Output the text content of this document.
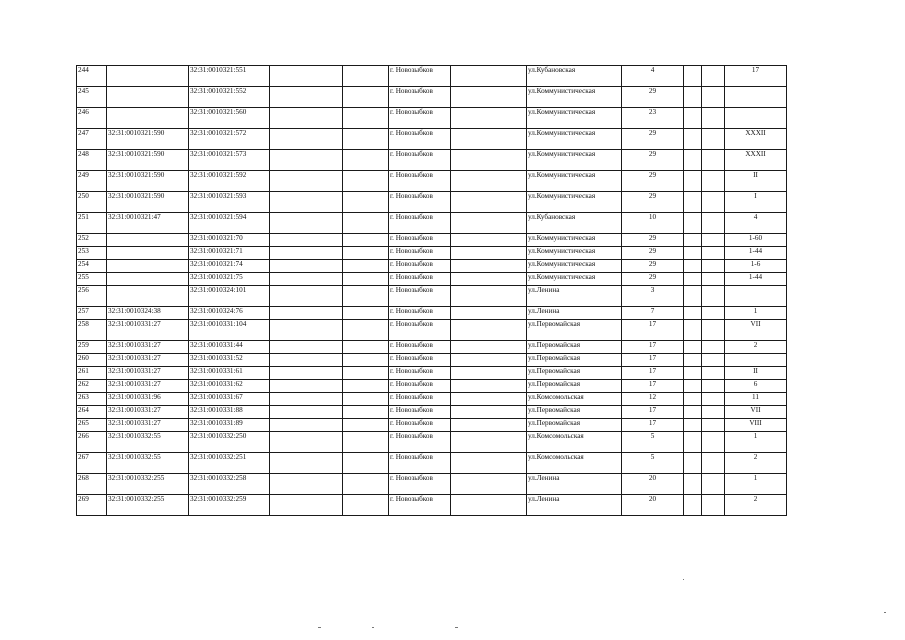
244		32:31:0010321:551			г. Новозыбков		ул.Кубановская	4			17
245		32:31:0010321:552			г. Новозыбков		ул.Коммунистическая	29			
246		32:31:0010321:560			г. Новозыбков		ул.Коммунистическая	23			
247	32:31:0010321:590	32:31:0010321:572			г. Новозыбков		ул.Коммунистическая	29			XXXII
248	32:31:0010321:590	32:31:0010321:573			г. Новозыбков		ул.Коммунистическая	29			XXXII
249	32:31:0010321:590	32:31:0010321:592			г. Новозыбков		ул.Коммунистическая	29			II
250	32:31:0010321:590	32:31:0010321:593			г. Новозыбков		ул.Коммунистическая	29			I
251	32:31:0010321:47	32:31:0010321:594			г. Новозыбков		ул.Кубановская	10			4
252		32:31:0010321:70			г. Новозыбков		ул.Коммунистическая	29			1-60
253		32:31:0010321:71			г. Новозыбков		ул.Коммунистическая	29			1-44
254		32:31:0010321:74			г. Новозыбков		ул.Коммунистическая	29			1-6
255		32:31:0010321:75			г. Новозыбков		ул.Коммунистическая	29			1-44
256		32:31:0010324:101			г. Новозыбков		ул.Ленина	3			
257	32:31:0010324:38	32:31:0010324:76			г. Новозыбков		ул.Ленина	7			1
258	32:31:0010331:27	32:31:0010331:104			г. Новозыбков		ул.Первомайская	17			VII
259	32:31:0010331:27	32:31:0010331:44			г. Новозыбков		ул.Первомайская	17			2
260	32:31:0010331:27	32:31:0010331:52			г. Новозыбков		ул.Первомайская	17			
261	32:31:0010331:27	32:31:0010331:61			г. Новозыбков		ул.Первомайская	17			II
262	32:31:0010331:27	32:31:0010331:62			г. Новозыбков		ул.Первомайская	17			6
263	32:31:0010331:96	32:31:0010331:67			г. Новозыбков		ул.Комсомольская	12			11
264	32:31:0010331:27	32:31:0010331:88			г. Новозыбков		ул.Первомайская	17			VII
265	32:31:0010331:27	32:31:0010331:89			г. Новозыбков		ул.Первомайская	17			VIII
266	32:31:0010332:55	32:31:0010332:250			г. Новозыбков		ул.Комсомольская	5			1
267	32:31:0010332:55	32:31:0010332:251			г. Новозыбков		ул.Комсомольская	5			2
268	32:31:0010332:255	32:31:0010332:258			г. Новозыбков		ул.Ленина	20			1
269	32:31:0010332:255	32:31:0010332:259			г. Новозыбков		ул.Ленина	20			2
